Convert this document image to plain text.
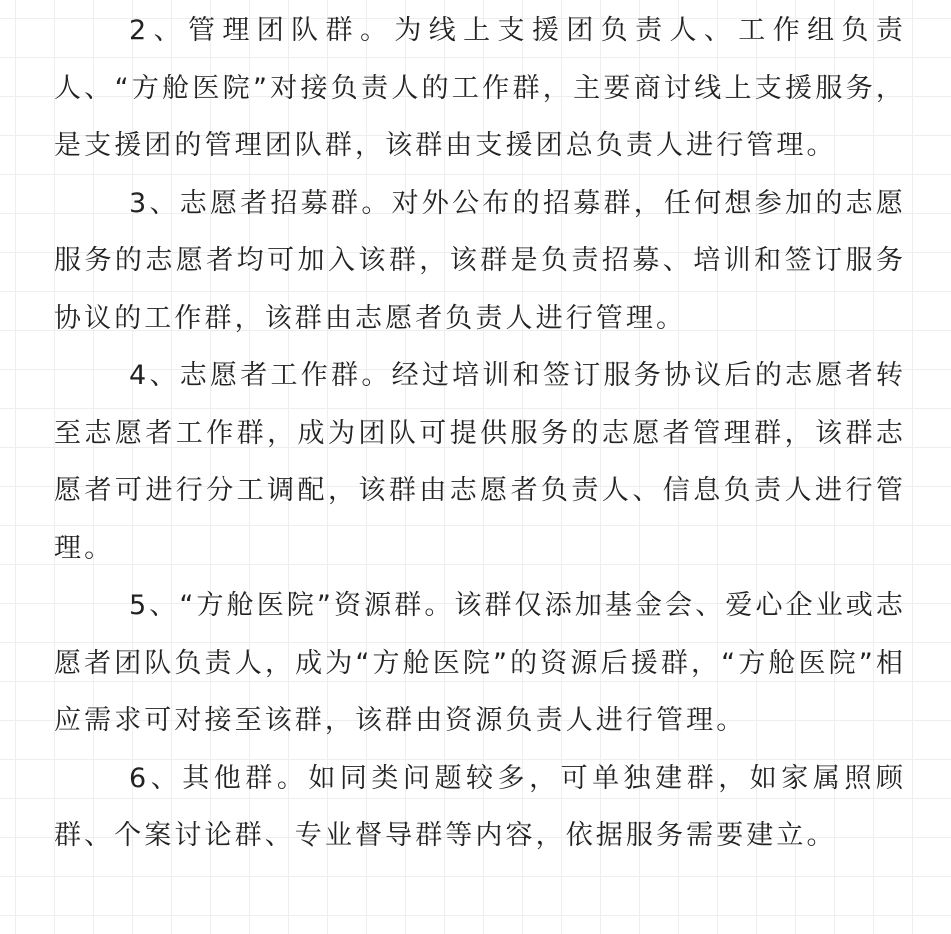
2、管理团队群。为线上支援团负责人、工作组负责人、“方舱医院”对接负责人的工作群，主要商讨线上支援服务，是支援团的管理团队群，该群由支援团总负责人进行管理。

3、志愿者招募群。对外公布的招募群，任何想参加的志愿服务的志愿者均可加入该群，该群是负责招募、培训和签订服务协议的工作群，该群由志愿者负责人进行管理。

4、志愿者工作群。经过培训和签订服务协议后的志愿者转至志愿者工作群，成为团队可提供服务的志愿者管理群，该群志愿者可进行分工调配，该群由志愿者负责人、信息负责人进行管理。

5、“方舱医院”资源群。该群仅添加基金会、爱心企业或志愿者团队负责人，成为“方舱医院”的资源后援群，“方舱医院”相应需求可对接至该群，该群由资源负责人进行管理。

6、其他群。如同类问题较多，可单独建群，如家属照顾群、个案讨论群、专业督导群等内容，依据服务需要建立。
